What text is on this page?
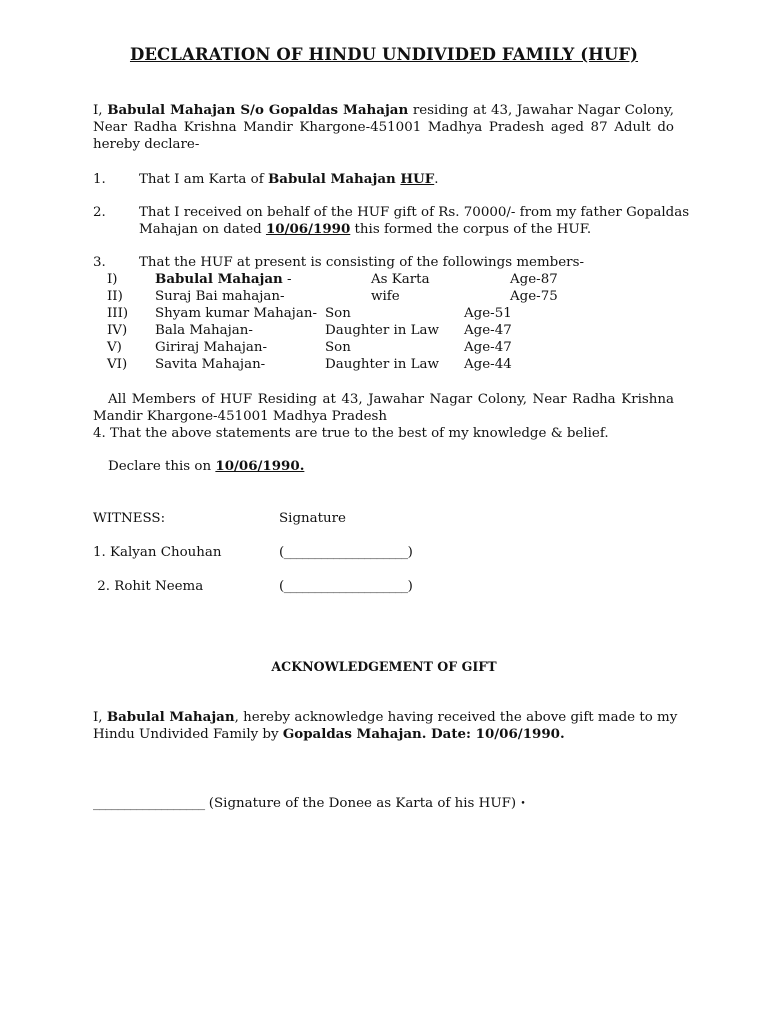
DECLARATION OF HINDU UNDIVIDED FAMILY (HUF)
I, Babulal Mahajan S/o Gopaldas Mahajan residing at 43, Jawahar Nagar Colony, Near Radha Krishna Mandir Khargone-451001 Madhya Pradesh aged 87 Adult do hereby declare-
1. That I am Karta of Babulal Mahajan HUF.
2. That I received on behalf of the HUF gift of Rs. 70000/- from my father Gopaldas
Mahajan on dated 10/06/1990 this formed the corpus of the HUF.
3. That the HUF at present is consisting of the followings members-
I)	Babulal Mahajan -	As Karta	Age-87
II) Suraj Bai mahajan-	wife	Age-75
III) Shyam kumar Mahajan- Son	Age-51
IV) Bala Mahajan-	Daughter in Law Age-47
V) Giriraj Mahajan-	Son	Age-47
VI) Savita Mahajan-	Daughter in Law Age-44
All Members of HUF Residing at 43, Jawahar Nagar Colony, Near Radha Krishna Mandir Khargone-451001 Madhya Pradesh
4. That the above statements are true to the best of my knowledge & belief.
Declare this on 10/06/1990.
WITNESS:	Signature
1. Kalyan Chouhan	(____________________)
2. Rohit Neema	(____________________)
ACKNOWLEDGEMENT OF GIFT
I, Babulal Mahajan, hereby acknowledge having received the above gift made to my
Hindu Undivided Family by Gopaldas Mahajan. Date: 10/06/1990.
__________________ (Signature of the Donee as Karta of his HUF) •
